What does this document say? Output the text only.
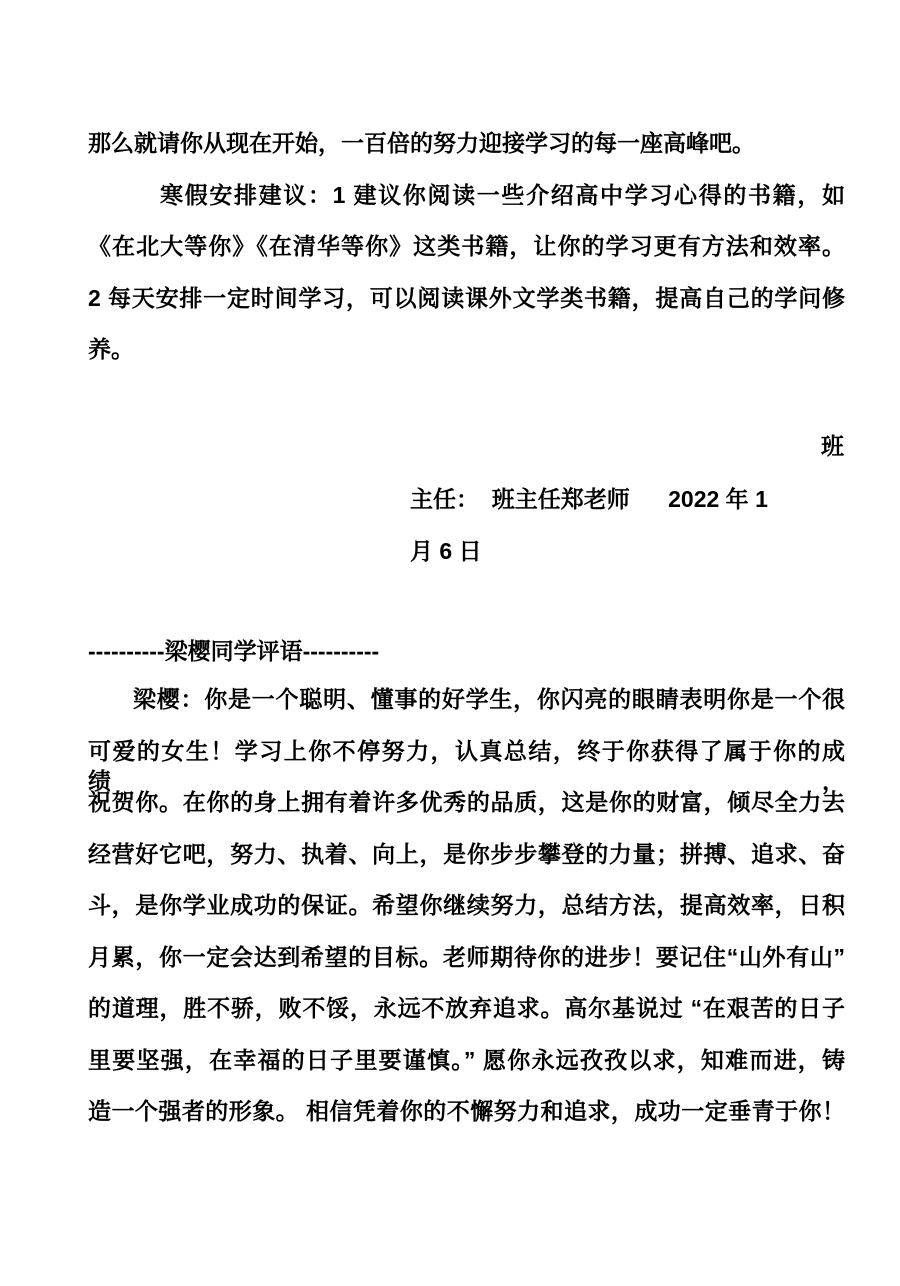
那么就请你从现在开始，一百倍的努力迎接学习的每一座高峰吧。
寒假安排建议：1 建议你阅读一些介绍高中学习心得的书籍，如
《在北大等你》《在清华等你》这类书籍，让你的学习更有方法和效率。
2 每天安排一定时间学习，可以阅读课外文学类书籍，提高自己的学问修
养。
班
主任：  班主任郑老师      2022 年 1
月 6 日
----------梁樱同学评语----------
梁樱：你是一个聪明、懂事的好学生，你闪亮的眼睛表明你是一个很
可爱的女生！学习上你不停努力，认真总结，终于你获得了属于你的成绩，
祝贺你。在你的身上拥有着许多优秀的品质，这是你的财富，倾尽全力去
经营好它吧，努力、执着、向上，是你步步攀登的力量；拼搏、追求、奋
斗，是你学业成功的保证。希望你继续努力，总结方法，提高效率，日积
月累，你一定会达到希望的目标。老师期待你的进步！要记住“山外有山”
的道理，胜不骄，败不馁，永远不放弃追求。高尔基说过 “在艰苦的日子
里要坚强，在幸福的日子里要谨慎。” 愿你永远孜孜以求，知难而进，铸
造一个强者的形象。 相信凭着你的不懈努力和追求，成功一定垂青于你！
